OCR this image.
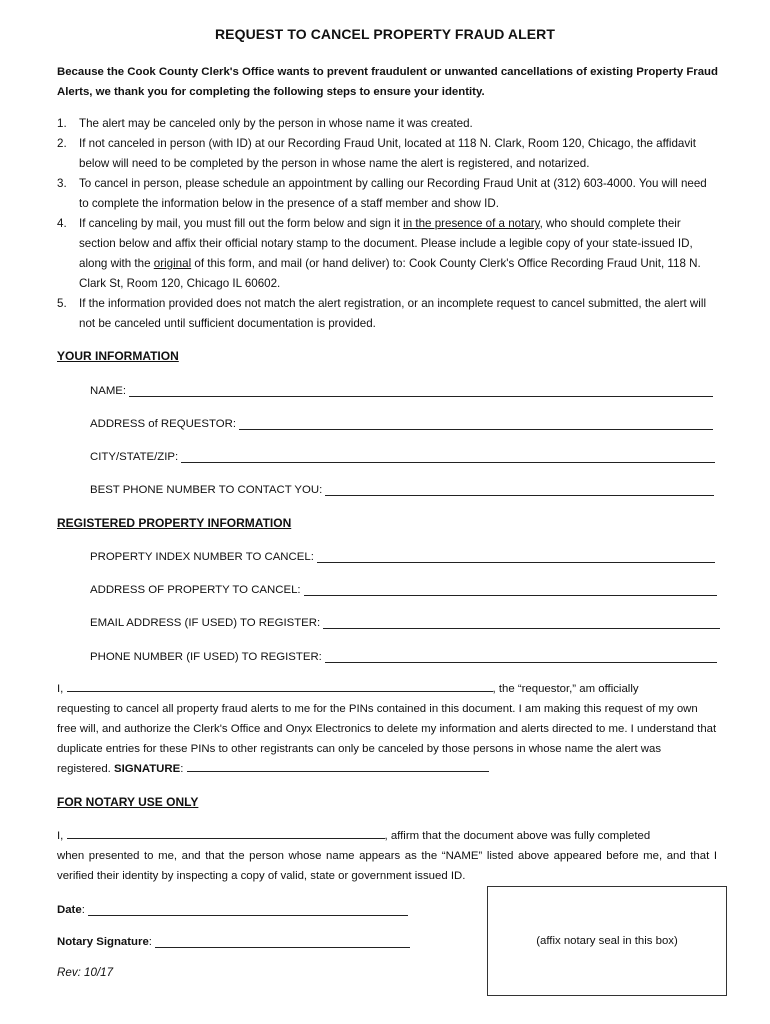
REQUEST TO CANCEL PROPERTY FRAUD ALERT
Because the Cook County Clerk's Office wants to prevent fraudulent or unwanted cancellations of existing Property Fraud Alerts, we thank you for completing the following steps to ensure your identity.
1. The alert may be canceled only by the person in whose name it was created.
2. If not canceled in person (with ID) at our Recording Fraud Unit, located at 118 N. Clark, Room 120, Chicago, the affidavit below will need to be completed by the person in whose name the alert is registered, and notarized.
3. To cancel in person, please schedule an appointment by calling our Recording Fraud Unit at (312) 603-4000. You will need to complete the information below in the presence of a staff member and show ID.
4. If canceling by mail, you must fill out the form below and sign it in the presence of a notary, who should complete their section below and affix their official notary stamp to the document. Please include a legible copy of your state-issued ID, along with the original of this form, and mail (or hand deliver) to: Cook County Clerk's Office Recording Fraud Unit, 118 N. Clark St, Room 120, Chicago IL 60602.
5. If the information provided does not match the alert registration, or an incomplete request to cancel submitted, the alert will not be canceled until sufficient documentation is provided.
YOUR INFORMATION
NAME:
ADDRESS of REQUESTOR:
CITY/STATE/ZIP:
BEST PHONE NUMBER TO CONTACT YOU:
REGISTERED PROPERTY INFORMATION
PROPERTY INDEX NUMBER TO CANCEL:
ADDRESS OF PROPERTY TO CANCEL:
EMAIL ADDRESS (IF USED) TO REGISTER:
PHONE NUMBER (IF USED) TO REGISTER:
I,	, the “requestor,” am officially
requesting to cancel all property fraud alerts to me for the PINs contained in this document. I am making this request of my own free will, and authorize the Clerk's Office and Onyx Electronics to delete my information and alerts directed to me. I understand that duplicate entries for these PINs to other registrants can only be canceled by those persons in whose name the alert was registered. SIGNATURE:
FOR NOTARY USE ONLY
I,	, affirm that the document above was fully completed
when presented to me, and that the person whose name appears as the “NAME” listed above appeared before me, and that I verified their identity by inspecting a copy of valid, state or government issued ID.
Date:
Notary Signature:	(affix notary seal in this box)
Rev: 10/17
